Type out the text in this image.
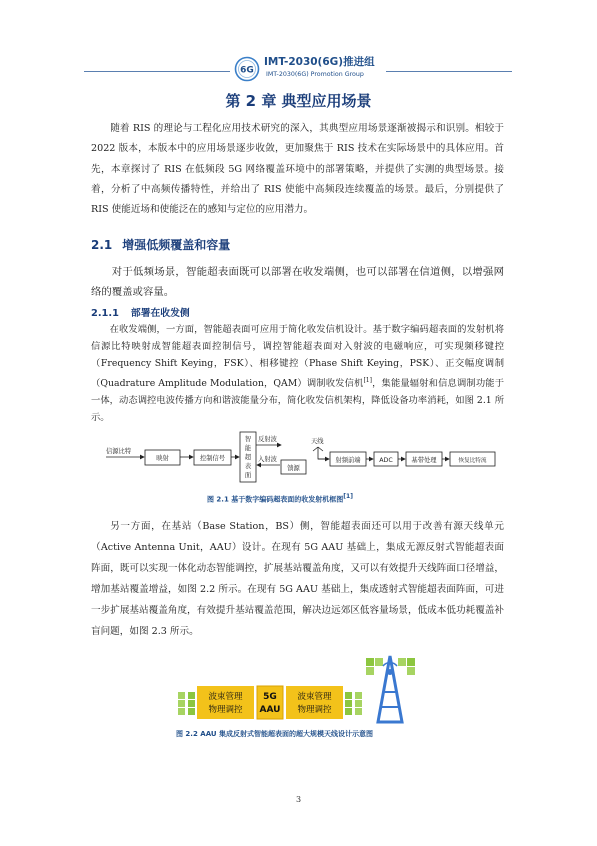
6G
IMT-2030(6G)推进组
IMT-2030(6G) Promotion Group
第 2 章 典型应用场景

随着 RIS 的理论与工程化应用技术研究的深入，其典型应用场景逐渐被揭示和识别。相较于 2022 版本，本版本中的应用场景逐步收敛，更加聚焦于 RIS 技术在实际场景中的具体应用。首先，本章探讨了 RIS 在低频段 5G 网络覆盖环境中的部署策略，并提供了实测的典型场景。接着，分析了中高频传播特性，并给出了 RIS 使能中高频段连续覆盖的场景。最后，分别提供了 RIS 使能近场和使能泛在的感知与定位的应用潜力。

2.1 增强低频覆盖和容量

对于低频场景，智能超表面既可以部署在收发端侧，也可以部署在信道侧，以增强网络的覆盖或容量。

2.1.1 部署在收发侧

在收发端侧，一方面，智能超表面可应用于简化收发信机设计。基于数字编码超表面的发射机将信源比特映射成智能超表面控制信号，调控智能超表面对入射波的电磁响应，可实现频移键控（Frequency Shift Keying，FSK）、相移键控（Phase Shift Keying，PSK）、正交幅度调制（Quadrature Amplitude Modulation，QAM）调制收发信机[1]，集能量辐射和信息调制功能于一体，动态调控电波传播方向和谐波能量分布，简化收发信机架构，降低设备功率消耗，如图 2.1 所示。

信源比特
映射	控制信号
智
能
超
表
面
反射波
入射波
馈源
天线
射频前端	ADC	基带处理	恢复比特流
图 2.1 基于数字编码超表面的收发射机框图[1]

另一方面，在基站（Base Station，BS）侧，智能超表面还可以用于改善有源天线单元（Active Antenna Unit，AAU）设计。在现有 5G AAU 基础上，集成无源反射式智能超表面阵面，既可以实现一体化动态智能调控，扩展基站覆盖角度，又可以有效提升天线阵面口径增益，增加基站覆盖增益，如图 2.2 所示。在现有 5G AAU 基础上，集成透射式智能超表面阵面，可进一步扩展基站覆盖角度，有效提升基站覆盖范围，解决边远郊区低容量场景，低成本低功耗覆盖补盲问题，如图 2.3 所示。

波束管理
物理调控
5G
AAU
波束管理
物理调控
图 2.2 AAU 集成反射式智能超表面的超大规模天线设计示意图
3
